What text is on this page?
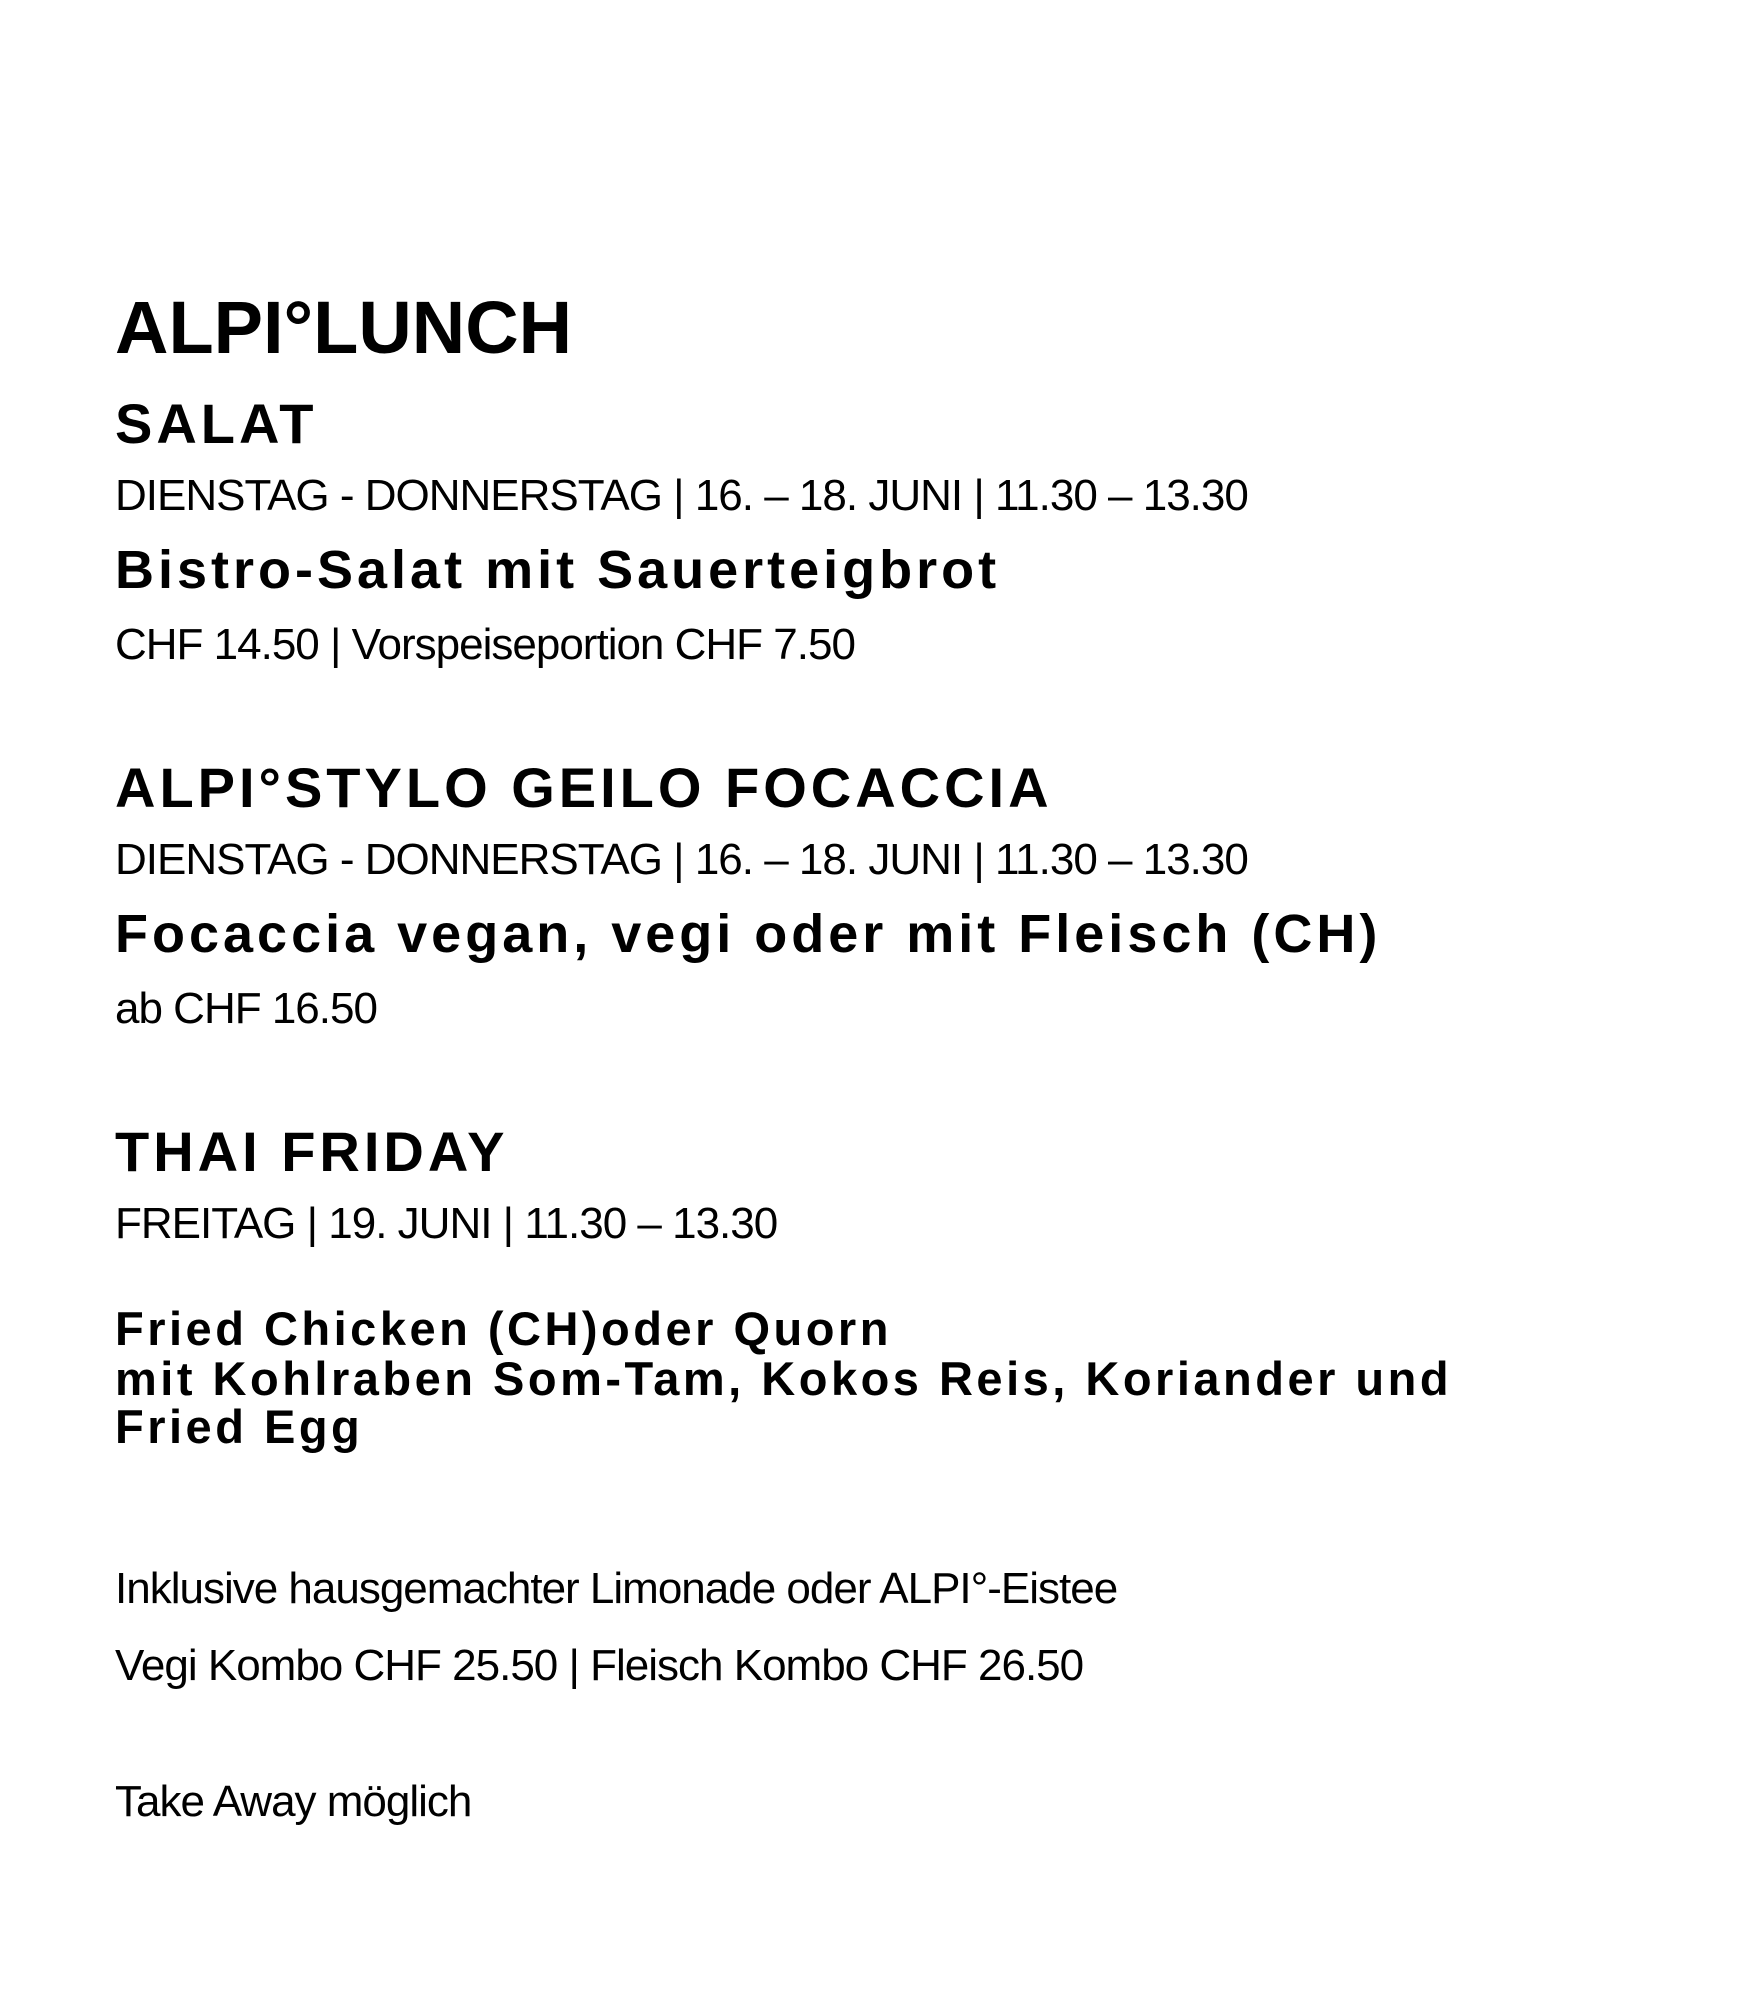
ALPI°LUNCH
SALAT
DIENSTAG - DONNERSTAG | 16. – 18. JUNI | 11.30 – 13.30
Bistro-Salat mit Sauerteigbrot
CHF 14.50 | Vorspeiseportion CHF 7.50
ALPI°STYLO GEILO FOCACCIA
DIENSTAG - DONNERSTAG | 16. – 18. JUNI | 11.30 – 13.30
Focaccia vegan, vegi oder mit Fleisch (CH)
ab CHF 16.50
THAI FRIDAY
FREITAG | 19. JUNI | 11.30 – 13.30
Fried Chicken (CH)oder Quorn
mit Kohlraben Som-Tam, Kokos Reis, Koriander und
Fried Egg
Inklusive hausgemachter Limonade oder ALPI°-Eistee
Vegi Kombo CHF 25.50 | Fleisch Kombo CHF 26.50
Take Away möglich
